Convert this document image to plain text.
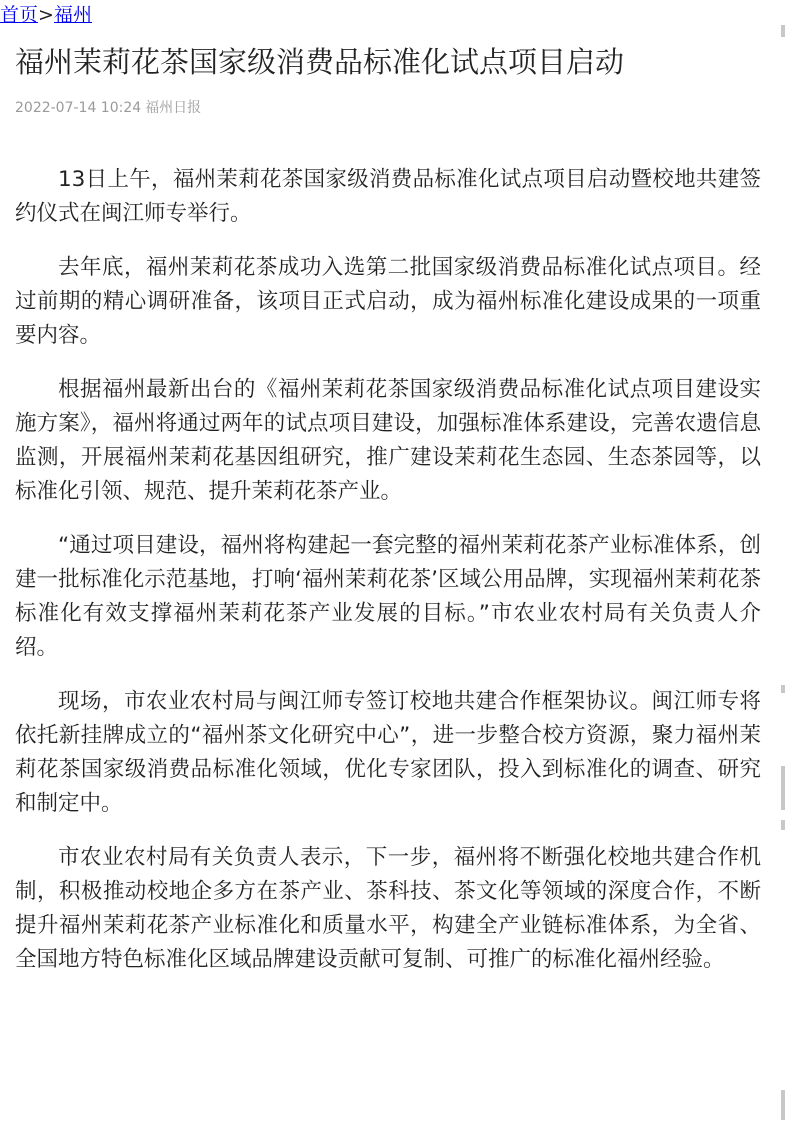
首页>福州
福州茉莉花茶国家级消费品标准化试点项目启动
2022-07-14 10:24 福州日报

13日上午，福州茉莉花茶国家级消费品标准化试点项目启动暨校地共建签约仪式在闽江师专举行。

去年底，福州茉莉花茶成功入选第二批国家级消费品标准化试点项目。经过前期的精心调研准备，该项目正式启动，成为福州标准化建设成果的一项重要内容。

根据福州最新出台的《福州茉莉花茶国家级消费品标准化试点项目建设实施方案》，福州将通过两年的试点项目建设，加强标准体系建设，完善农遗信息监测，开展福州茉莉花基因组研究，推广建设茉莉花生态园、生态茶园等，以标准化引领、规范、提升茉莉花茶产业。

“通过项目建设，福州将构建起一套完整的福州茉莉花茶产业标准体系，创建一批标准化示范基地，打响‘福州茉莉花茶’区域公用品牌，实现福州茉莉花茶标准化有效支撑福州茉莉花茶产业发展的目标。”市农业农村局有关负责人介绍。

现场，市农业农村局与闽江师专签订校地共建合作框架协议。闽江师专将依托新挂牌成立的“福州茶文化研究中心”，进一步整合校方资源，聚力福州茉莉花茶国家级消费品标准化领域，优化专家团队，投入到标准化的调查、研究和制定中。

市农业农村局有关负责人表示，下一步，福州将不断强化校地共建合作机制，积极推动校地企多方在茶产业、茶科技、茶文化等领域的深度合作，不断提升福州茉莉花茶产业标准化和质量水平，构建全产业链标准体系，为全省、全国地方特色标准化区域品牌建设贡献可复制、可推广的标准化福州经验。
